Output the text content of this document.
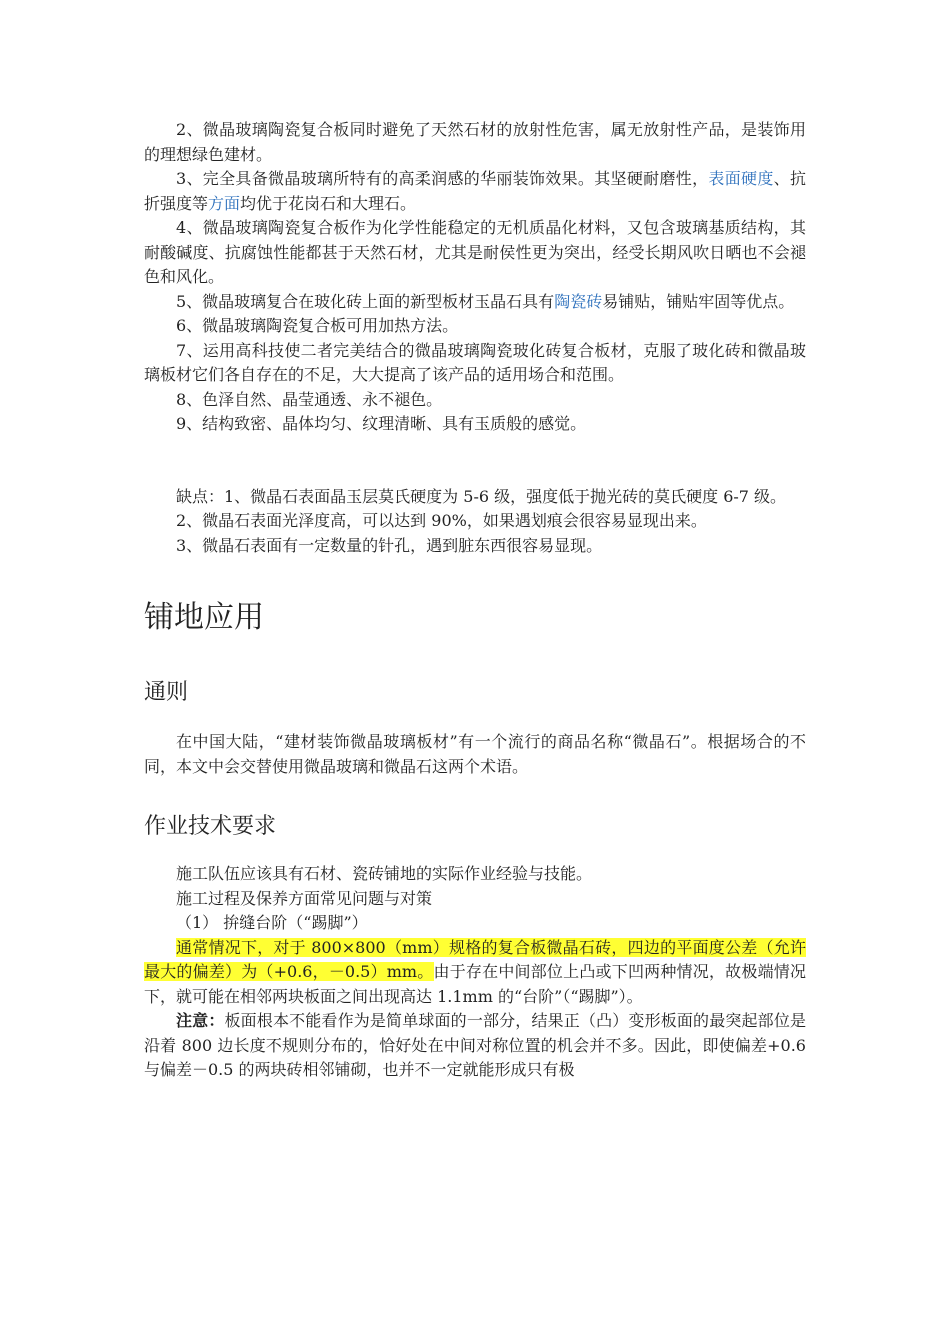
2、微晶玻璃陶瓷复合板同时避免了天然石材的放射性危害，属无放射性产品，是装饰用的理想绿色建材。

3、完全具备微晶玻璃所特有的高柔润感的华丽装饰效果。其坚硬耐磨性，表面硬度、抗折强度等方面均优于花岗石和大理石。

4、微晶玻璃陶瓷复合板作为化学性能稳定的无机质晶化材料，又包含玻璃基质结构，其耐酸碱度、抗腐蚀性能都甚于天然石材，尤其是耐侯性更为突出，经受长期风吹日晒也不会褪色和风化。

5、微晶玻璃复合在玻化砖上面的新型板材玉晶石具有陶瓷砖易铺贴，铺贴牢固等优点。

6、微晶玻璃陶瓷复合板可用加热方法。

7、运用高科技使二者完美结合的微晶玻璃陶瓷玻化砖复合板材，克服了玻化砖和微晶玻璃板材它们各自存在的不足，大大提高了该产品的适用场合和范围。

8、色泽自然、晶莹通透、永不褪色。

9、结构致密、晶体均匀、纹理清晰、具有玉质般的感觉。

缺点：1、微晶石表面晶玉层莫氏硬度为 5-6 级，强度低于抛光砖的莫氏硬度 6-7 级。

2、微晶石表面光泽度高，可以达到 90%，如果遇划痕会很容易显现出来。

3、微晶石表面有一定数量的针孔，遇到脏东西很容易显现。

铺地应用
通则

在中国大陆，“建材装饰微晶玻璃板材”有一个流行的商品名称“微晶石”。根据场合的不同，本文中会交替使用微晶玻璃和微晶石这两个术语。

作业技术要求

施工队伍应该具有石材、瓷砖铺地的实际作业经验与技能。

施工过程及保养方面常见问题与对策

（1） 拚缝台阶（“踢脚”）

通常情况下，对于 800×800（mm）规格的复合板微晶石砖，四边的平面度公差（允许最大的偏差）为（+0.6，－0.5）mm。由于存在中间部位上凸或下凹两种情况，故极端情况下，就可能在相邻两块板面之间出现高达 1.1mm 的“台阶”（“踢脚”）。

注意：板面根本不能看作为是简单球面的一部分，结果正（凸）变形板面的最突起部位是沿着 800 边长度不规则分布的，恰好处在中间对称位置的机会并不多。因此，即使偏差+0.6 与偏差－0.5 的两块砖相邻铺砌，也并不一定就能形成只有极
